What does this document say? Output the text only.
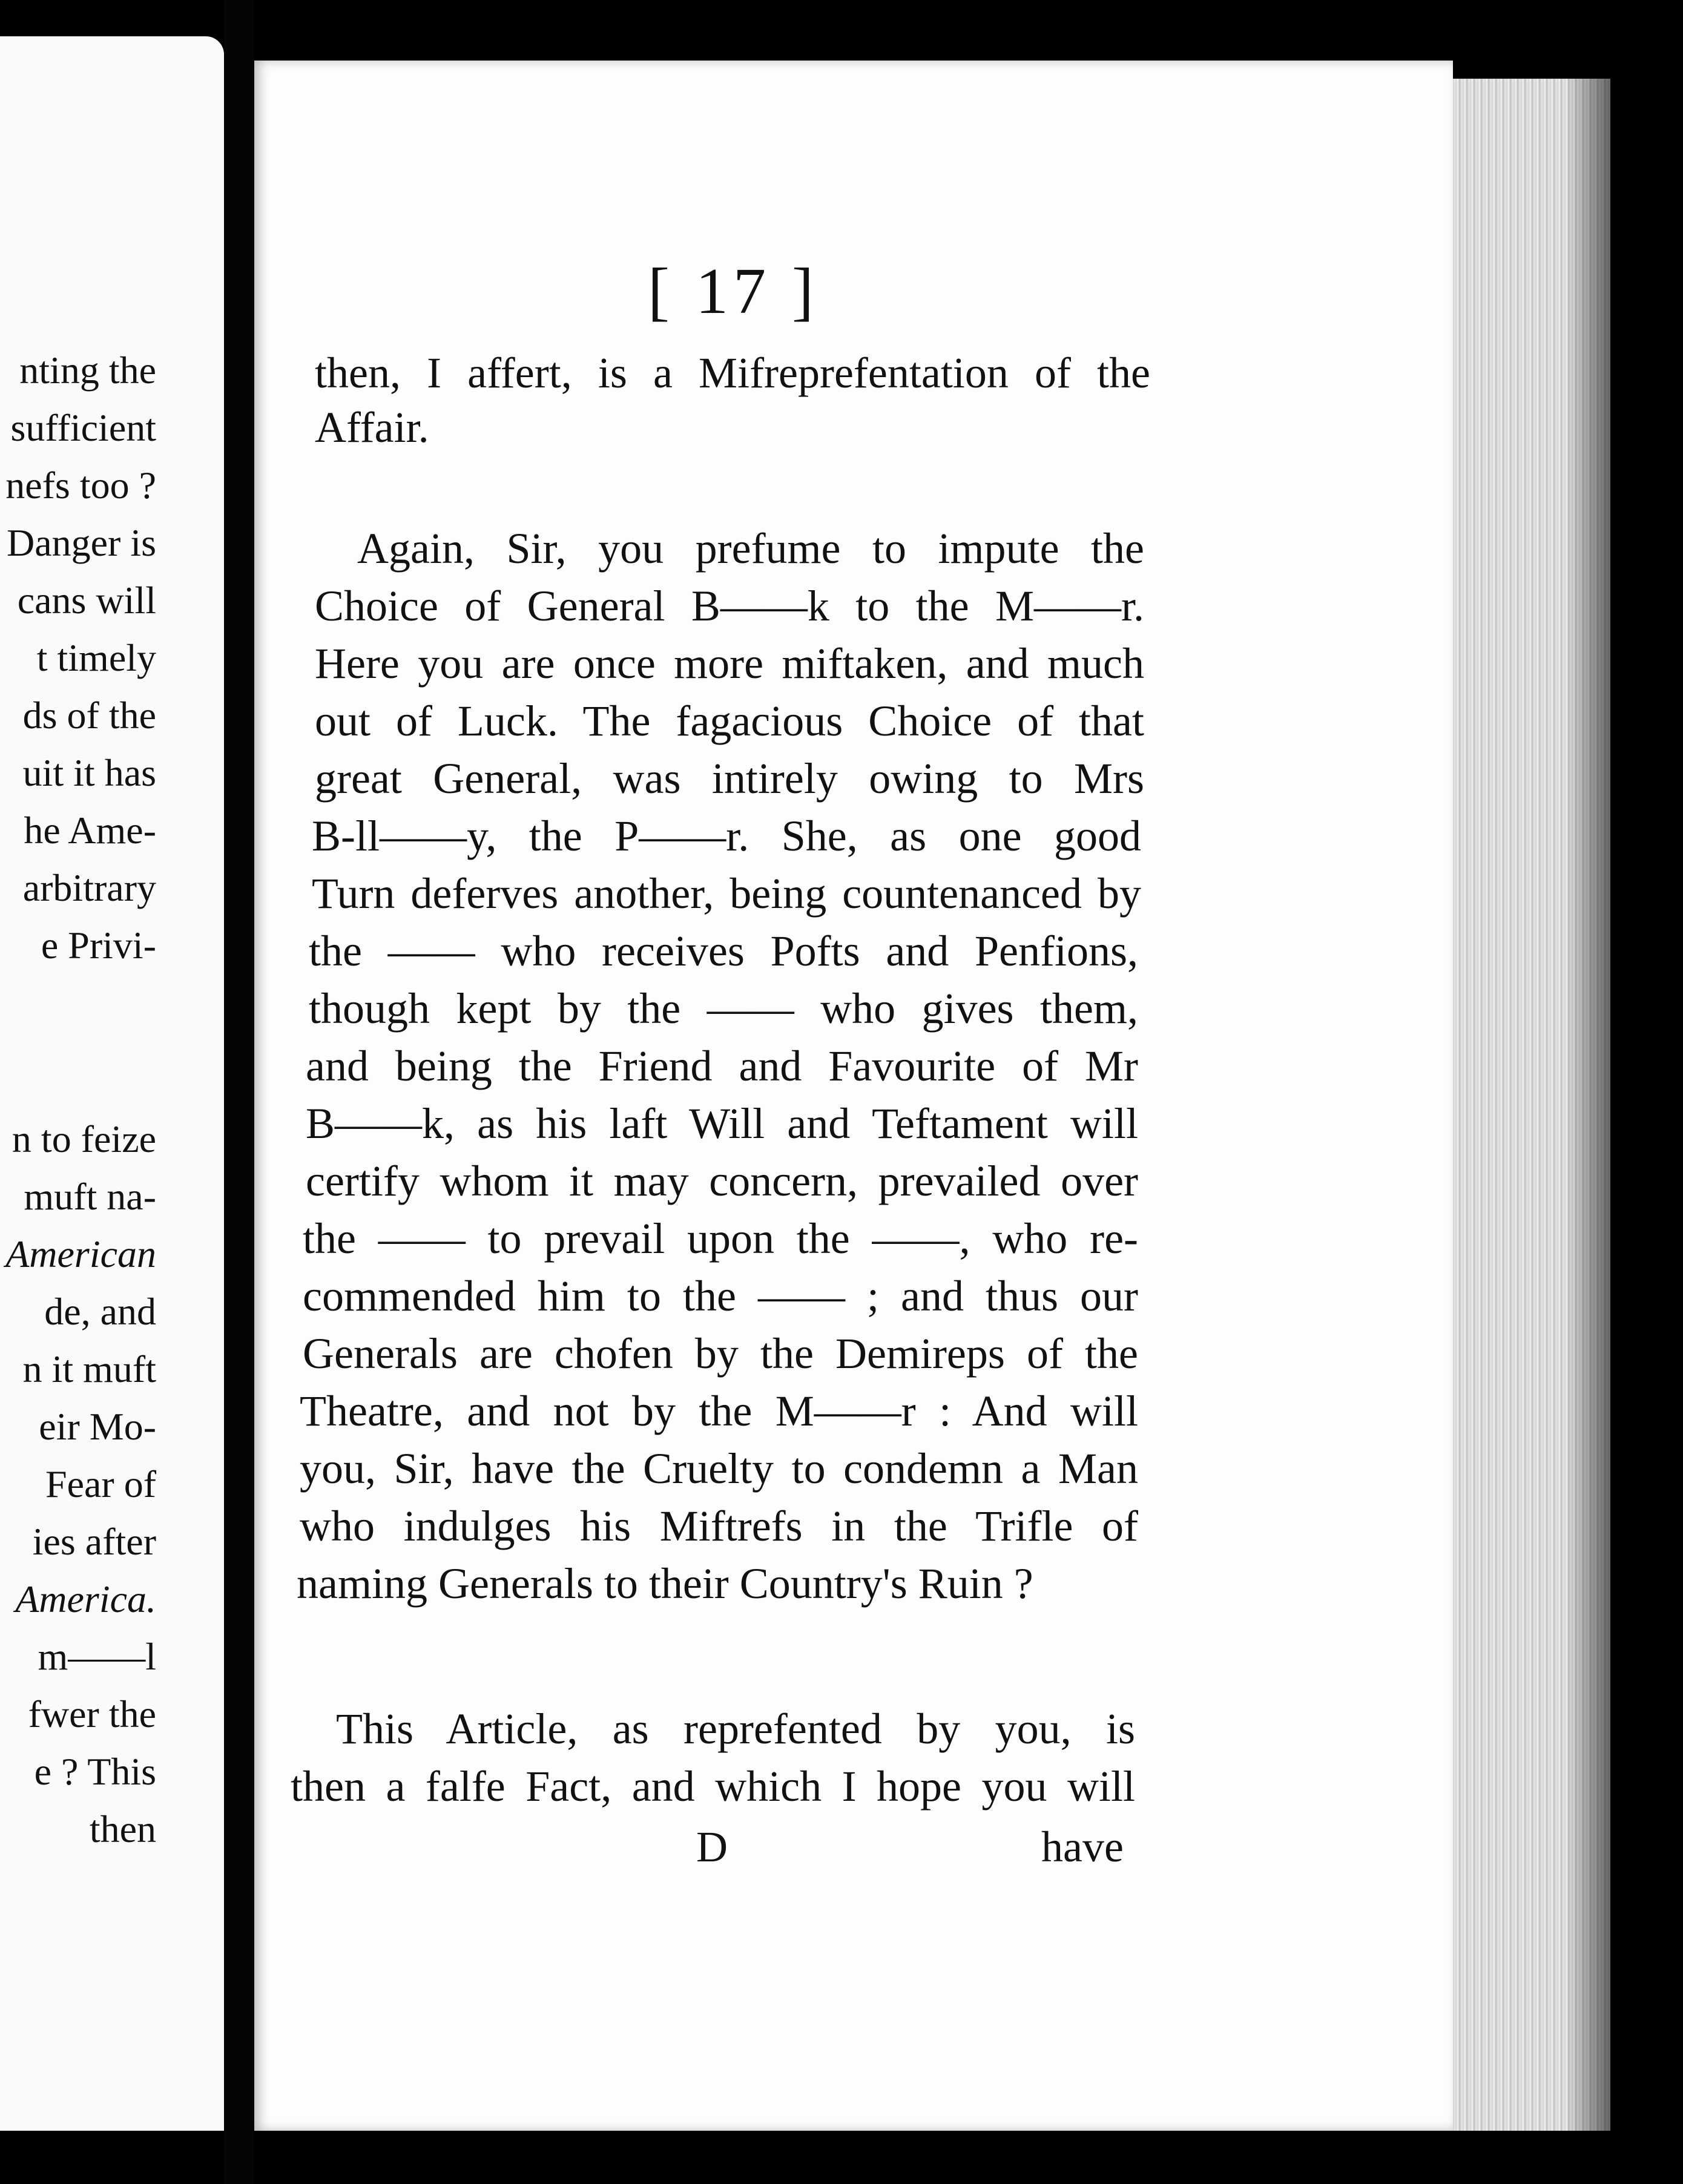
nting the
sufficient
nefs too ?
Danger is
cans will
t timely
ds of the
uit it has
he Ame-
arbitrary
e Privi-
n to feize
muft na-
American
de, and
n it muft
eir Mo-
Fear of
ies after
America.
m——l
fwer the
e ? This
then
[ 17 ]
then, I affert, is a Mifreprefentation of the
Affair.
Again, Sir, you prefume to impute the
Choice of General B——k to the M——r.
Here you are once more miftaken, and much
out of Luck. The fagacious Choice of that
great General, was intirely owing to Mrs
B-ll——y, the P——r. She, as one good
Turn deferves another, being countenanced by
the —— who receives Pofts and Penfions,
though kept by the —— who gives them,
and being the Friend and Favourite of Mr
B——k, as his laft Will and Teftament will
certify whom it may concern, prevailed over
the —— to prevail upon the ——, who re-
commended him to the —— ; and thus our
Generals are chofen by the Demireps of the
Theatre, and not by the M——r : And will
you, Sir, have the Cruelty to condemn a Man
who indulges his Miftrefs in the Trifle of
naming Generals to their Country's Ruin ?
This Article, as reprefented by you, is
then a falfe Fact, and which I hope you will
D	have
